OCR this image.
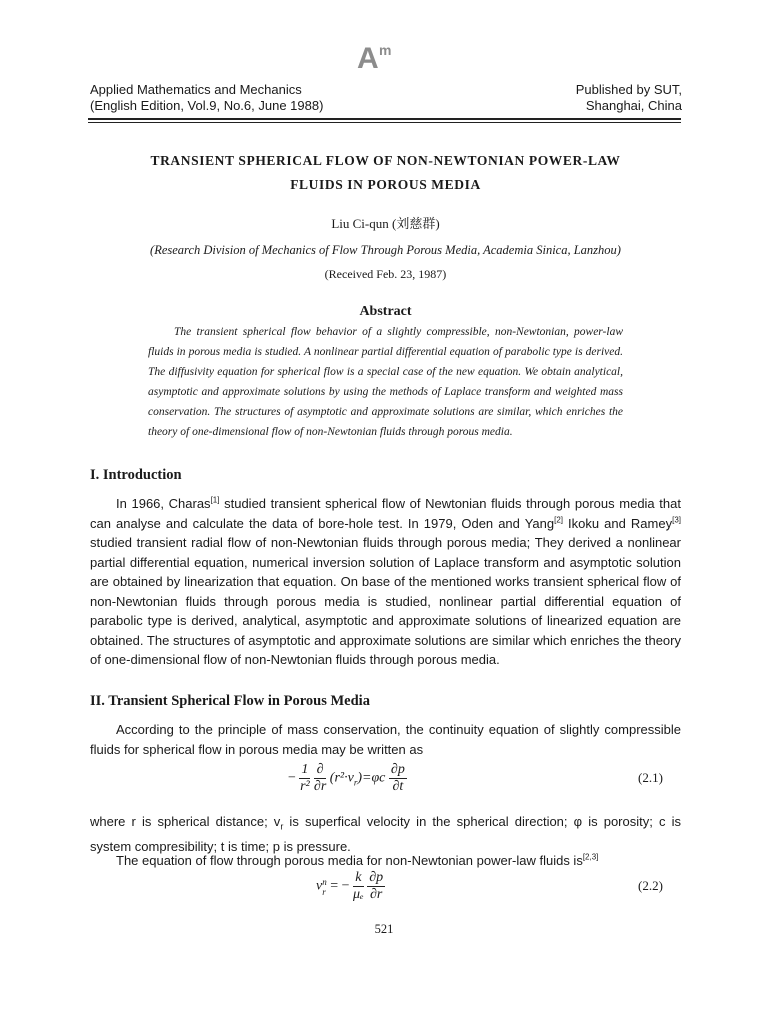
A m
Applied Mathematics and Mechanics
(English Edition, Vol.9, No.6, June 1988)
Published by SUT,
Shanghai, China
TRANSIENT SPHERICAL FLOW OF NON-NEWTONIAN POWER-LAW
FLUIDS IN POROUS MEDIA
Liu Ci-qun (刘慈群)
(Research Division of Mechanics of Flow Through Porous Media, Academia Sinica, Lanzhou)
(Received Feb. 23, 1987)
Abstract
The transient spherical flow behavior of a slightly compressible, non-Newtonian, power-law fluids in porous media is studied. A nonlinear partial differential equation of parabolic type is derived. The diffusivity equation for spherical flow is a special case of the new equation. We obtain analytical, asymptotic and approximate solutions by using the methods of Laplace transform and weighted mass conservation. The structures of asymptotic and approximate solutions are similar, which enriches the theory of one-dimensional flow of non-Newtonian fluids through porous media.
I. Introduction
In 1966, Charas[1] studied transient spherical flow of Newtonian fluids through porous media that can analyse and calculate the data of bore-hole test. In 1979, Oden and Yang[2] Ikoku and Ramey[3] studied transient radial flow of non-Newtonian fluids through porous media; They derived a nonlinear partial differential equation, numerical inversion solution of Laplace transform and asymptotic solution are obtained by linearization that equation. On base of the mentioned works transient spherical flow of non-Newtonian fluids through porous media is studied, nonlinear partial differential equation of parabolic type is derived, analytical, asymptotic and approximate solutions of linearized equation are obtained. The structures of asymptotic and approximate solutions are similar which enriches the theory of one-dimensional flow of non-Newtonian fluids through porous media.
II. Transient Spherical Flow in Porous Media
According to the principle of mass conservation, the continuity equation of slightly compressible fluids for spherical flow in porous media may be written as
− $\frac{1}{\text{r²}}$
$\frac{\partial}{\partial r} (r^2\cdot v_r)=\varphi c \frac{\partial p}{\partial t}$	(2.1)
where r is spherical distance; $v_r$ is superfical velocity in the spherical direction; φ is porosity; c is system compresibility; t is time; p is pressure.
The equation of flow through porous media for non-Newtonian power-law fluids is[2,3]
v n
r = − $\frac{k}{\text{μₑ}}$
$\frac{\partial p}{\partial r}$	(2.2)
521
